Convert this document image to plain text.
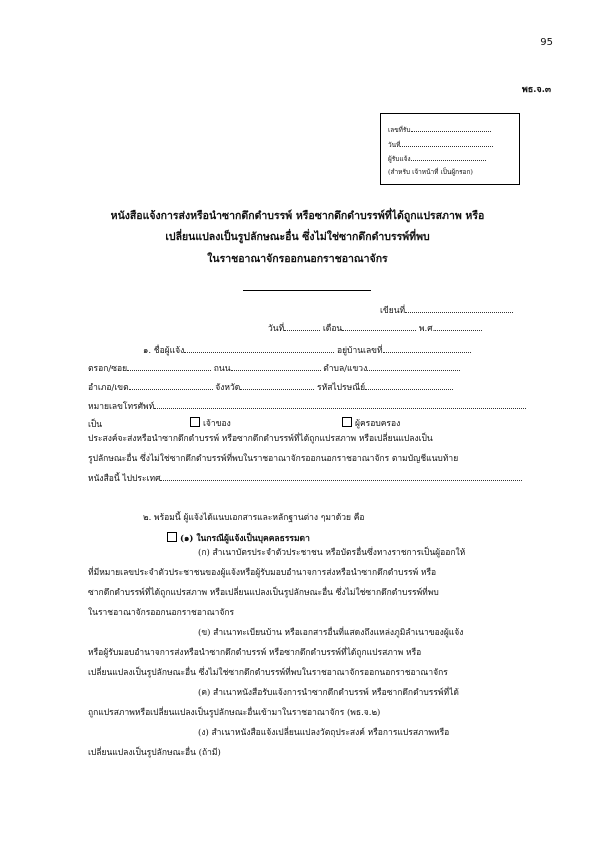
95
พธ.จ.๓
เลขที่รับ
วันที่
ผู้รับแจ้ง
(สำหรับ เจ้าหน้าที่ เป็นผู้กรอก)
หนังสือแจ้งการส่งหรือนำซากดึกดำบรรพ์ หรือซากดึกดำบรรพ์ที่ได้ถูกแปรสภาพ หรือ
เปลี่ยนแปลงเป็นรูปลักษณะอื่น ซึ่งไม่ใช่ซากดึกดำบรรพ์ที่พบ
ในราชอาณาจักรออกนอกราชอาณาจักร
เขียนที่
วันที่	เดือน	พ.ศ.
๑. ชื่อผู้แจ้ง	อยู่บ้านเลขที่
ตรอก/ซอย	ถนน	ตำบล/แขวง
อำเภอ/เขต	จังหวัด	รหัสไปรษณีย์
หมายเลขโทรศัพท์
เป็น	เจ้าของ	ผู้ครอบครอง
ประสงค์จะส่งหรือนำซากดึกดำบรรพ์ หรือซากดึกดำบรรพ์ที่ได้ถูกแปรสภาพ หรือเปลี่ยนแปลงเป็น
รูปลักษณะอื่น ซึ่งไม่ใช่ซากดึกดำบรรพ์ที่พบในราชอาณาจักรออกนอกราชอาณาจักร ตามบัญชีแนบท้าย
หนังสือนี้ ไปประเทศ
๒. พร้อมนี้ ผู้แจ้งได้แนบเอกสารและหลักฐานต่าง ๆมาด้วย คือ
(๑) ในกรณีผู้แจ้งเป็นบุคคลธรรมดา
(ก) สำเนาบัตรประจำตัวประชาชน หรือบัตรอื่นซึ่งทางราชการเป็นผู้ออกให้
ที่มีหมายเลขประจำตัวประชาชนของผู้แจ้งหรือผู้รับมอบอำนาจการส่งหรือนำซากดึกดำบรรพ์ หรือ
ซากดึกดำบรรพ์ที่ได้ถูกแปรสภาพ หรือเปลี่ยนแปลงเป็นรูปลักษณะอื่น ซึ่งไม่ใช่ซากดึกดำบรรพ์ที่พบ
ในราชอาณาจักรออกนอกราชอาณาจักร
(ข) สำเนาทะเบียนบ้าน หรือเอกสารอื่นที่แสดงถึงแหล่งภูมิลำเนาของผู้แจ้ง
หรือผู้รับมอบอำนาจการส่งหรือนำซากดึกดำบรรพ์ หรือซากดึกดำบรรพ์ที่ได้ถูกแปรสภาพ หรือ
เปลี่ยนแปลงเป็นรูปลักษณะอื่น ซึ่งไม่ใช่ซากดึกดำบรรพ์ที่พบในราชอาณาจักรออกนอกราชอาณาจักร
(ค) สำเนาหนังสือรับแจ้งการนำซากดึกดำบรรพ์ หรือซากดึกดำบรรพ์ที่ได้
ถูกแปรสภาพหรือเปลี่ยนแปลงเป็นรูปลักษณะอื่นเข้ามาในราชอาณาจักร (พธ.จ.๒)
(ง) สำเนาหนังสือแจ้งเปลี่ยนแปลงวัตถุประสงค์ หรือการแปรสภาพหรือ
เปลี่ยนแปลงเป็นรูปลักษณะอื่น (ถ้ามี)
